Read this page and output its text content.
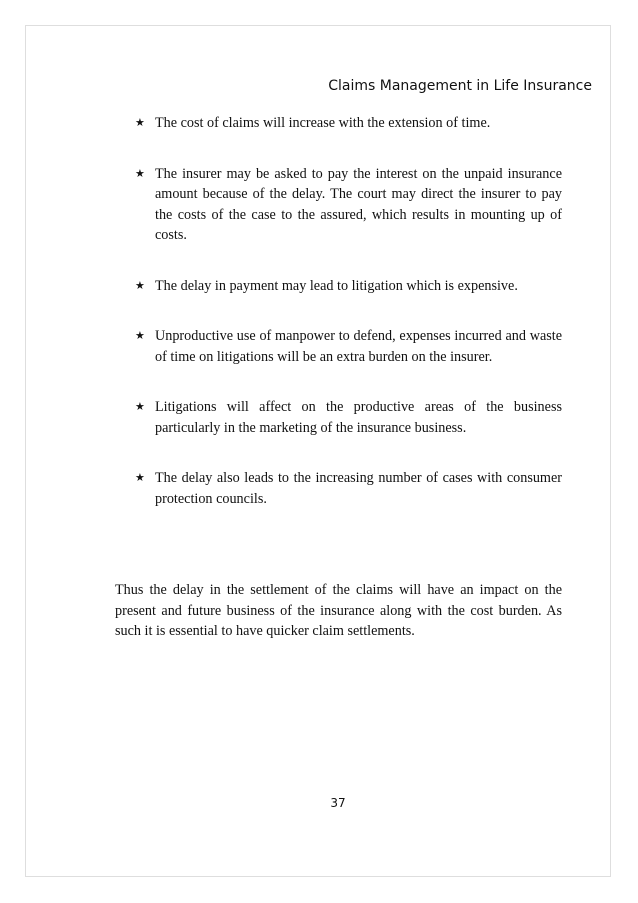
Claims Management in Life Insurance
★ The cost of claims will increase with the extension of time.
★ The insurer may be asked to pay the interest on the unpaid insurance amount because of the delay. The court may direct the insurer to pay the costs of the case to the assured, which results in mounting up of costs.
★ The delay in payment may lead to litigation which is expensive.
★ Unproductive use of manpower to defend, expenses incurred and waste of time on litigations will be an extra burden on the insurer.
★ Litigations will affect on the productive areas of the business particularly in the marketing of the insurance business.
★ The delay also leads to the increasing number of cases with consumer protection councils.

Thus the delay in the settlement of the claims will have an impact on the present and future business of the insurance along with the cost burden. As such it is essential to have quicker claim settlements.

37
